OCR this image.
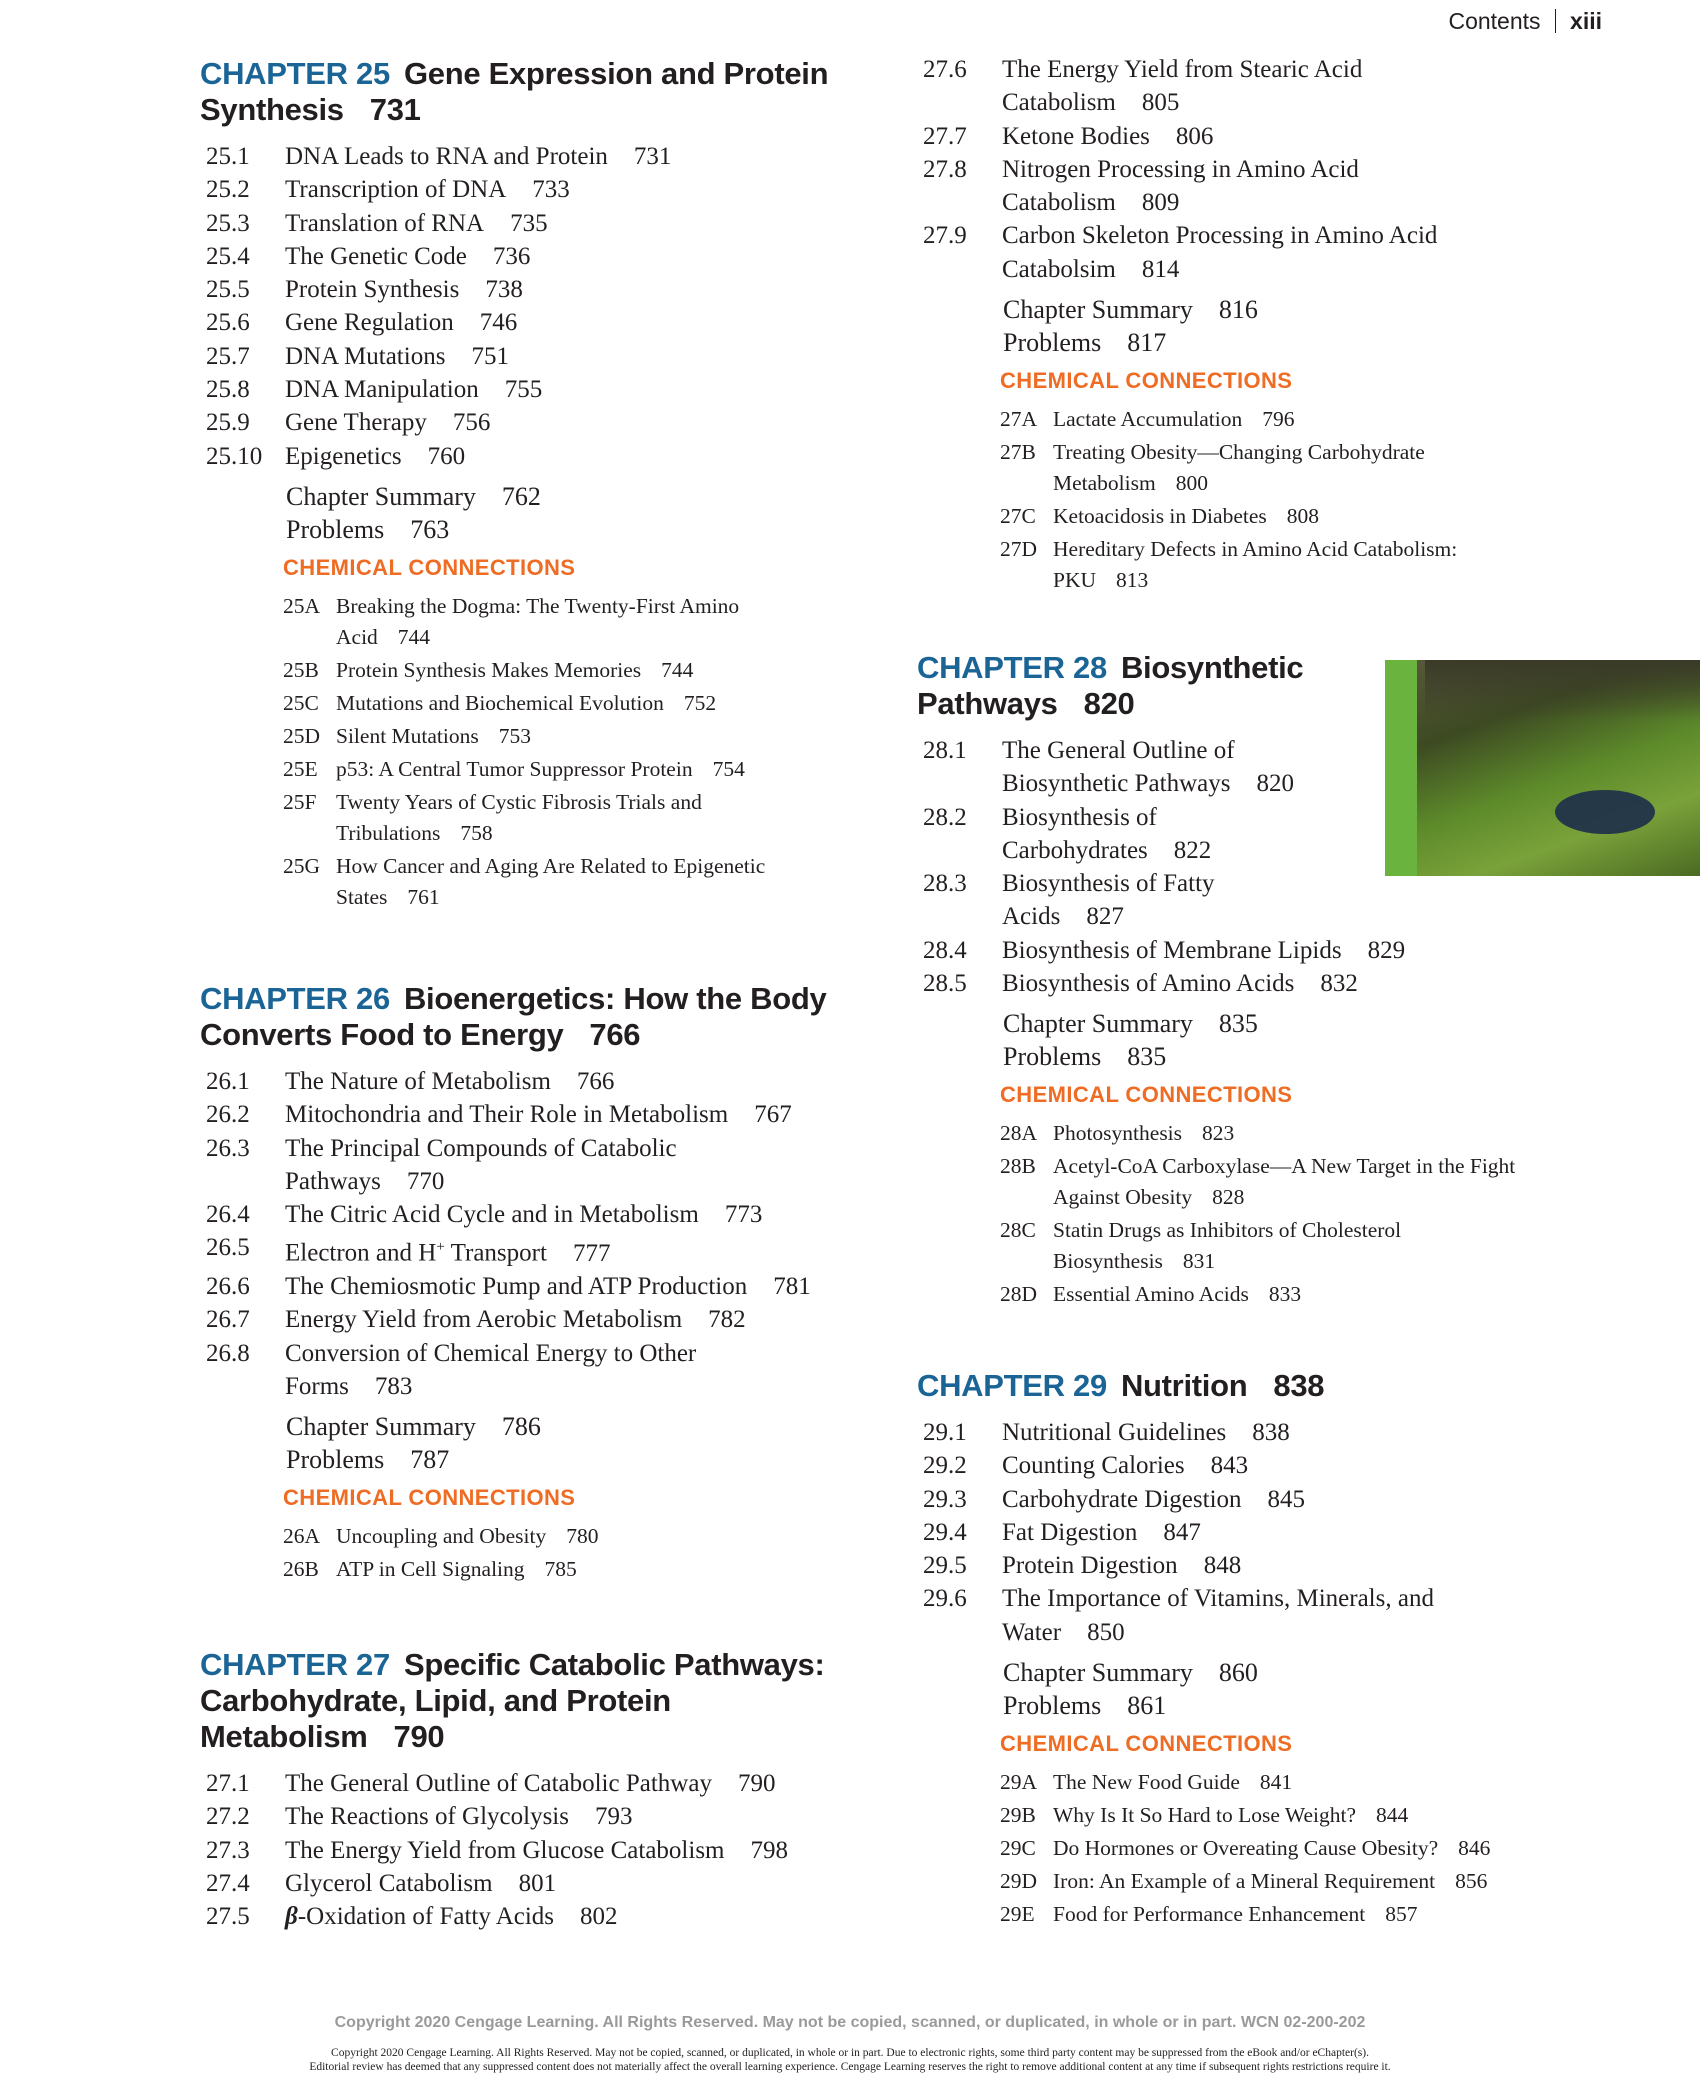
Contents xiii
CHAPTER 25 Gene Expression and Protein
Synthesis 731
25.1	DNA Leads to RNA and Protein 731
25.2	Transcription of DNA 733
25.3	Translation of RNA 735
25.4	The Genetic Code 736
25.5	Protein Synthesis 738
25.6	Gene Regulation 746
25.7	DNA Mutations 751
25.8	DNA Manipulation 755
25.9	Gene Therapy 756
25.10 Epigenetics 760
Chapter Summary 762
Problems 763
CHEMICAL CONNECTIONS
25A Breaking the Dogma: The Twenty-First Amino
Acid 744
25B Protein Synthesis Makes Memories 744
25C Mutations and Biochemical Evolution 752
25D Silent Mutations 753
25E p53: A Central Tumor Suppressor Protein 754
25F Twenty Years of Cystic Fibrosis Trials and
Tribulations 758
25G How Cancer and Aging Are Related to Epigenetic
States 761
CHAPTER 26 Bioenergetics: How the Body
Converts Food to Energy 766
26.1	The Nature of Metabolism 766
26.2	Mitochondria and Their Role in Metabolism 767
26.3	The Principal Compounds of Catabolic
Pathways 770
26.4	The Citric Acid Cycle and in Metabolism 773
26.5	Electron and H+ Transport 777
26.6	The Chemiosmotic Pump and ATP Production 781
26.7	Energy Yield from Aerobic Metabolism 782
26.8	Conversion of Chemical Energy to Other
Forms 783
Chapter Summary 786
Problems 787
CHEMICAL CONNECTIONS
26A Uncoupling and Obesity 780
26B ATP in Cell Signaling 785
CHAPTER 27 Specific Catabolic Pathways:
Carbohydrate, Lipid, and Protein
Metabolism 790
27.1	The General Outline of Catabolic Pathway 790
27.2	The Reactions of Glycolysis 793
27.3	The Energy Yield from Glucose Catabolism 798
27.4	Glycerol Catabolism 801
27.5	β-Oxidation of Fatty Acids 802
27.6	The Energy Yield from Stearic Acid
Catabolism 805
27.7	Ketone Bodies 806
27.8	Nitrogen Processing in Amino Acid
Catabolism 809
27.9	Carbon Skeleton Processing in Amino Acid
Catabolsim 814
Chapter Summary 816
Problems 817
CHEMICAL CONNECTIONS
27A Lactate Accumulation 796
27B Treating Obesity—Changing Carbohydrate
Metabolism 800
27C Ketoacidosis in Diabetes 808
27D Hereditary Defects in Amino Acid Catabolism:
PKU 813
CHAPTER 28 Biosynthetic
Pathways 820
28.1	The General Outline of
Biosynthetic Pathways 820
28.2	Biosynthesis of
Carbohydrates 822
28.3	Biosynthesis of Fatty
Acids 827
28.4	Biosynthesis of Membrane Lipids 829
28.5	Biosynthesis of Amino Acids 832
Chapter Summary 835
Problems 835
CHEMICAL CONNECTIONS
28A Photosynthesis 823
28B Acetyl-CoA Carboxylase—A New Target in the Fight
Against Obesity 828
28C Statin Drugs as Inhibitors of Cholesterol
Biosynthesis 831
28D Essential Amino Acids 833
CHAPTER 29 Nutrition 838
29.1	Nutritional Guidelines 838
29.2	Counting Calories 843
29.3	Carbohydrate Digestion 845
29.4	Fat Digestion 847
29.5	Protein Digestion 848
29.6	The Importance of Vitamins, Minerals, and
Water 850
Chapter Summary 860
Problems 861
CHEMICAL CONNECTIONS
29A The New Food Guide 841
29B Why Is It So Hard to Lose Weight? 844
29C Do Hormones or Overeating Cause Obesity? 846
29D Iron: An Example of a Mineral Requirement 856
29E Food for Performance Enhancement 857
Copyright 2020 Cengage Learning. All Rights Reserved. May not be copied, scanned, or duplicated, in whole or in part. WCN 02-200-202
Copyright 2020 Cengage Learning. All Rights Reserved. May not be copied, scanned, or duplicated, in whole or in part. Due to electronic rights, some third party content may be suppressed from the eBook and/or eChapter(s).
Editorial review has deemed that any suppressed content does not materially affect the overall learning experience. Cengage Learning reserves the right to remove additional content at any time if subsequent rights restrictions require it.
